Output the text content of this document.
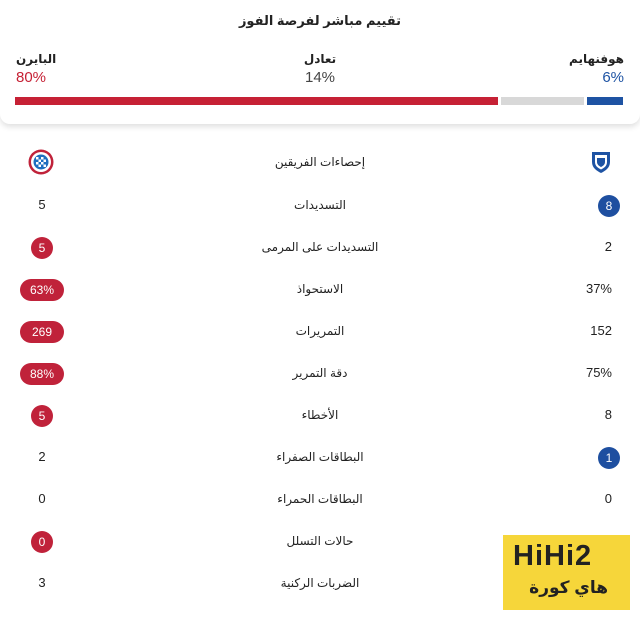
تقييم مباشر لفرصة الفوز
البايرن
80%
تعادل
14%
هوفنهايم
6%
إحصاءات الفريقين
5	التسديدات	8
5	التسديدات على المرمى	2
63%	الاستحواذ	37%
269	التمريرات	152
88%	دقة التمرير	75%
5	الأخطاء	8
2	البطاقات الصفراء	1
0	البطاقات الحمراء	0
0	حالات التسلل
3	الضربات الركنية
HiHi2
هاي كورة
